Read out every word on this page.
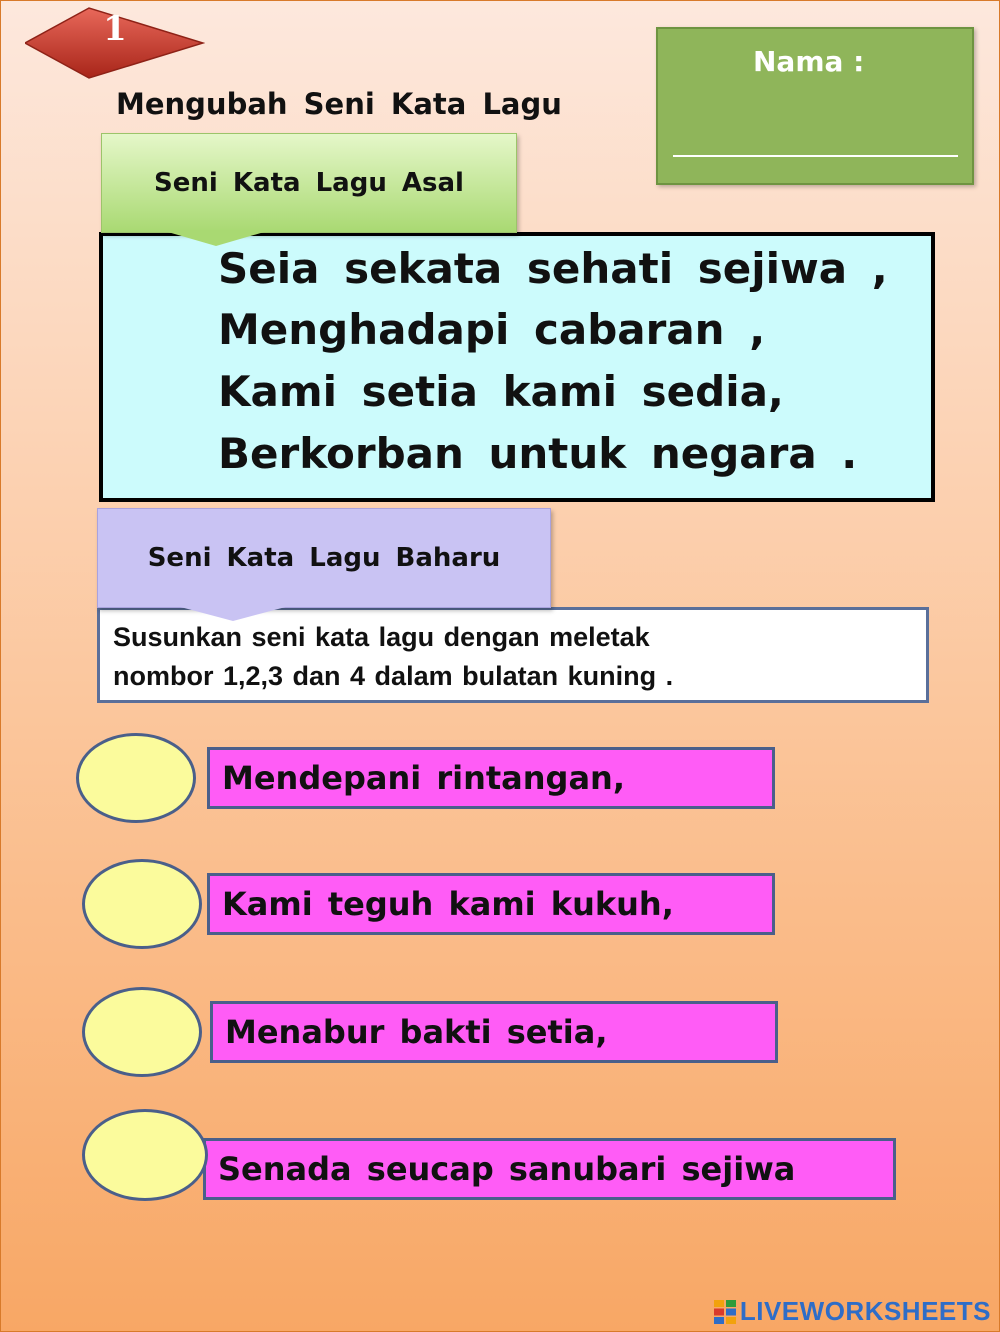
1
Mengubah Seni Kata Lagu
Nama :
Seia sekata sehati sejiwa ,
Menghadapi cabaran ,
Kami setia kami sedia,
Berkorban untuk negara .
Seni Kata Lagu Asal
Susunkan seni kata lagu dengan meletak
nombor 1,2,3 dan 4 dalam bulatan kuning .
Seni Kata Lagu Baharu
Mendepani rintangan,
Kami teguh kami kukuh,
Menabur bakti setia,
Senada seucap sanubari sejiwa
LIVEWORKSHEETS
